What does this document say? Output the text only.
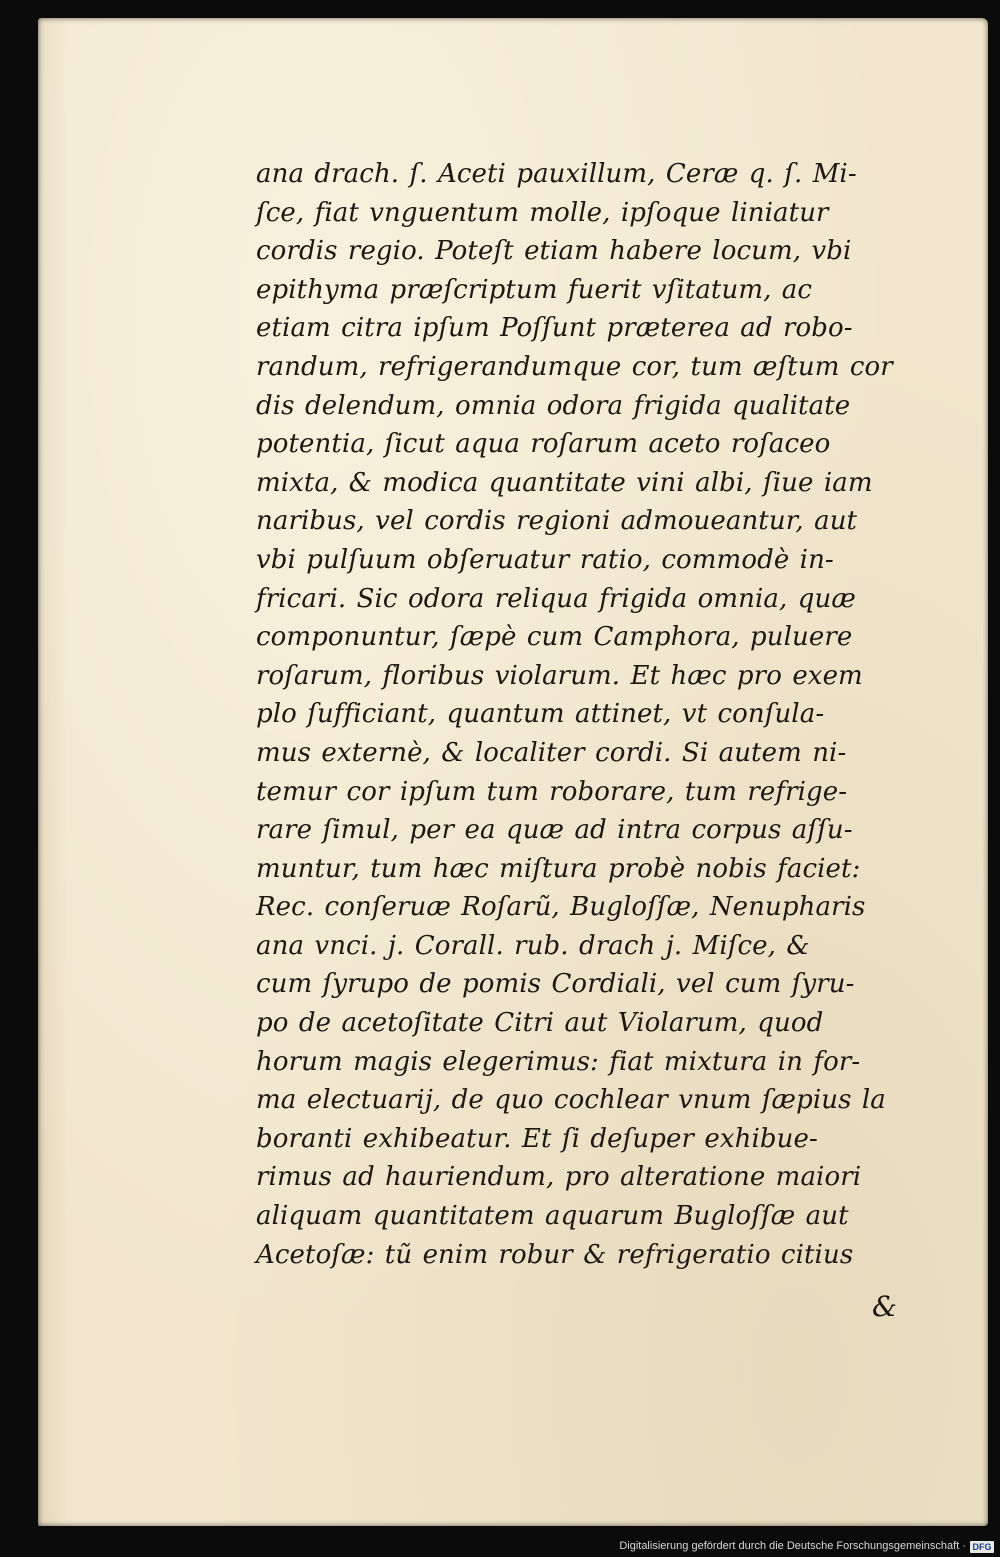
ana drach. ſ. Aceti pauxillum, Ceræ q. ſ. Mi-
ſce, fiat vnguentum molle, ipſoque liniatur
cordis regio. Poteſt etiam habere locum, vbi
epithyma præſcriptum fuerit vſitatum, ac
etiam citra ipſum Poſſunt præterea ad robo-
randum, refrigerandumque cor, tum æſtum cor
dis delendum, omnia odora frigida qualitate
potentia, ſicut aqua roſarum aceto roſaceo
mixta, & modica quantitate vini albi, ſiue iam
naribus, vel cordis regioni admoueantur, aut
vbi pulſuum obſeruatur ratio, commodè in-
fricari. Sic odora reliqua frigida omnia, quæ
componuntur, ſæpè cum Camphora, puluere
roſarum, floribus violarum. Et hæc pro exem
plo ſufficiant, quantum attinet, vt conſula-
mus externè, & localiter cordi. Si autem ni-
temur cor ipſum tum roborare, tum refrige-
rare ſimul, per ea quæ ad intra corpus aſſu-
muntur, tum hæc miſtura probè nobis faciet:
Rec. conſeruæ Roſarũ, Bugloſſæ, Nenupharis
ana vnci. j. Corall. rub. drach j. Miſce, &
cum ſyrupo de pomis Cordiali, vel cum ſyru-
po de acetoſitate Citri aut Violarum, quod
horum magis elegerimus: fiat mixtura in for-
ma electuarij, de quo cochlear vnum ſæpius la
boranti exhibeatur. Et ſi deſuper exhibue-
rimus ad hauriendum, pro alteratione maiori
aliquam quantitatem aquarum Bugloſſæ aut
Acetoſæ: tũ enim robur & refrigeratio citius
&
Digitalisierung gefördert durch die Deutsche Forschungsgemeinschaft · DFG
